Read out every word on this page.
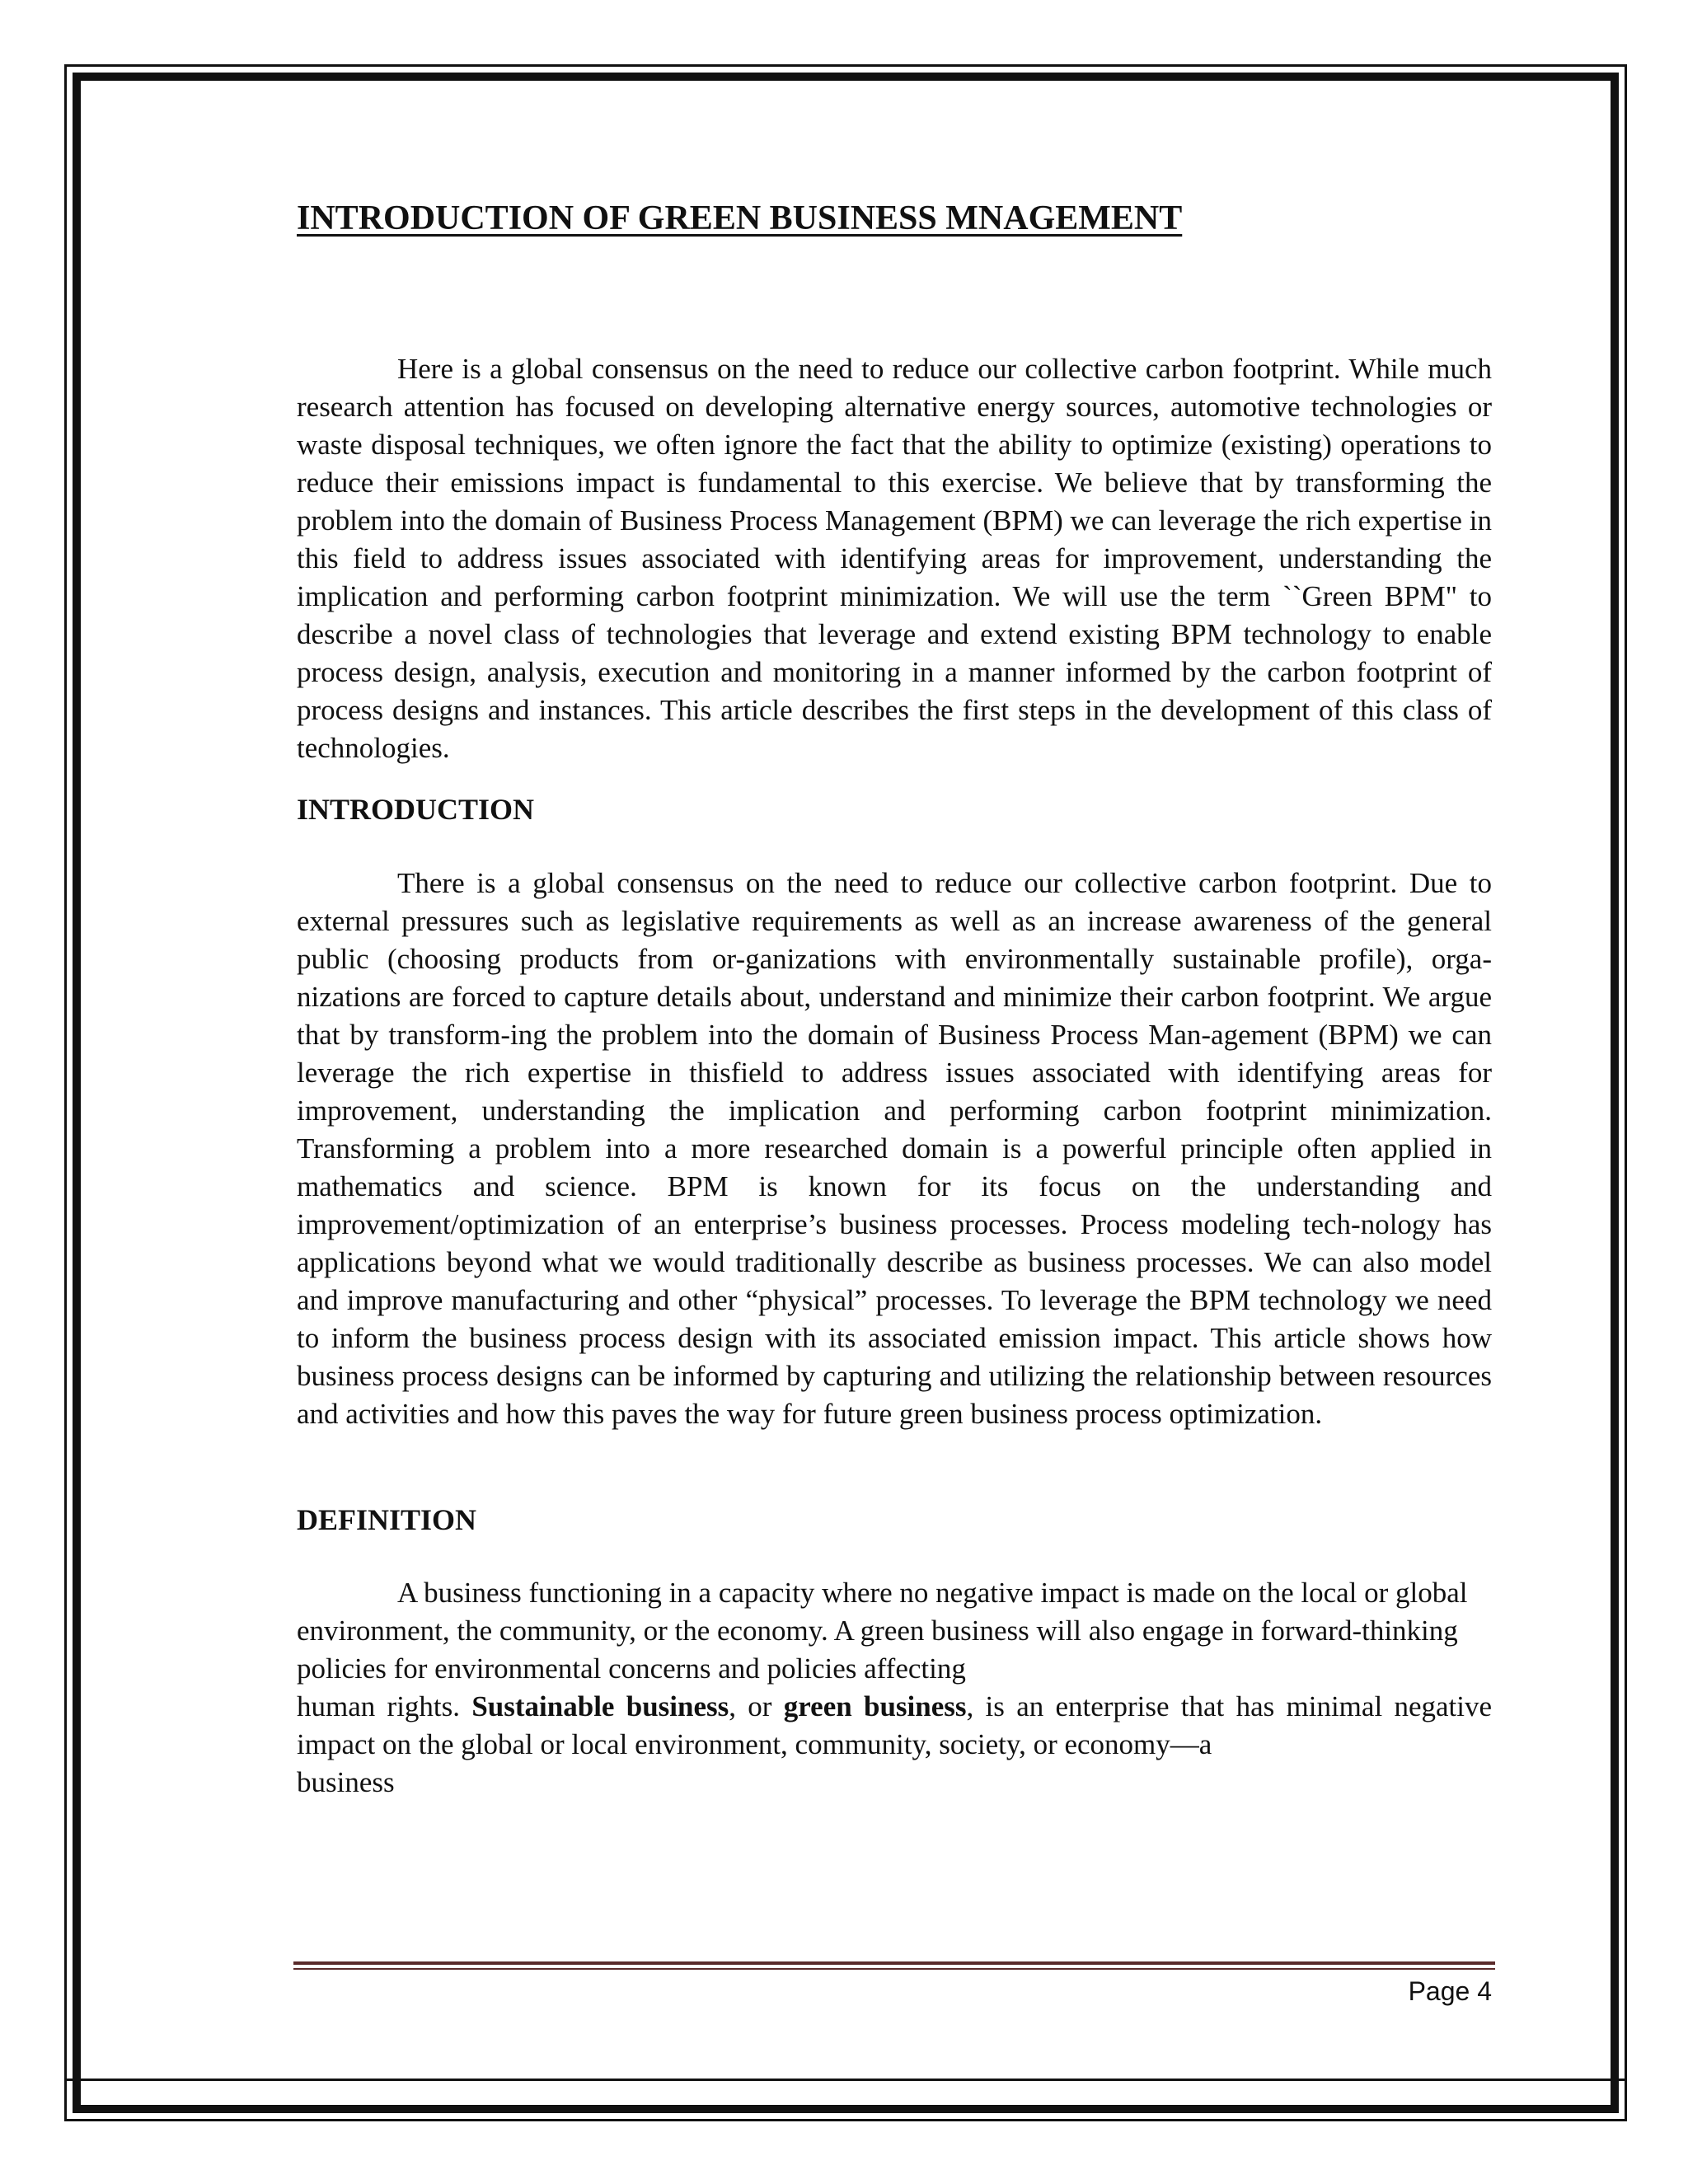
INTRODUCTION OF GREEN BUSINESS MNAGEMENT

Here is a global consensus on the need to reduce our collective carbon footprint. While much research attention has focused on developing alternative energy sources, automotive technologies or waste disposal techniques, we often ignore the fact that the ability to optimize (existing) operations to reduce their emissions impact is fundamental to this exercise. We believe that by transforming the problem into the domain of Business Process Management (BPM) we can leverage the rich expertise in this field to address issues associated with identifying areas for improvement, understanding the implication and performing carbon footprint minimization. We will use the term ``Green BPM" to describe a novel class of technologies that leverage and extend existing BPM technology to enable process design, analysis, execution and monitoring in a manner informed by the carbon footprint of process designs and instances. This article describes the first steps in the development of this class of technologies.

INTRODUCTION

There is a global consensus on the need to reduce our collective carbon footprint. Due to external pressures such as legislative requirements as well as an increase awareness of the general public (choosing products from or-ganizations with environmentally sustainable profile), orga-nizations are forced to capture details about, understand and minimize their carbon footprint. We argue that by transform-ing the problem into the domain of Business Process Man-agement (BPM) we can leverage the rich expertise in thisfield to address issues associated with identifying areas for improvement, understanding the implication and performing carbon footprint minimization. Transforming a problem into a more researched domain is a powerful principle often applied in mathematics and science. BPM is known for its focus on the understanding and improvement/optimization of an enterprise’s business processes. Process modeling tech-nology has applications beyond what we would traditionally describe as business processes. We can also model and improve manufacturing and other “physical” processes. To leverage the BPM technology we need to inform the business process design with its associated emission impact. This article shows how business process designs can be informed by capturing and utilizing the relationship between resources and activities and how this paves the way for future green business process optimization.

DEFINITION

A business functioning in a capacity where no negative impact is made on the local or global environment, the community, or the economy. A green business will also engage in forward-thinking policies for environmental concerns and policies affecting

human rights. Sustainable business, or green business, is an enterprise that has minimal negative impact on the global or local environment, community, society, or economy—a

business

Page 4
